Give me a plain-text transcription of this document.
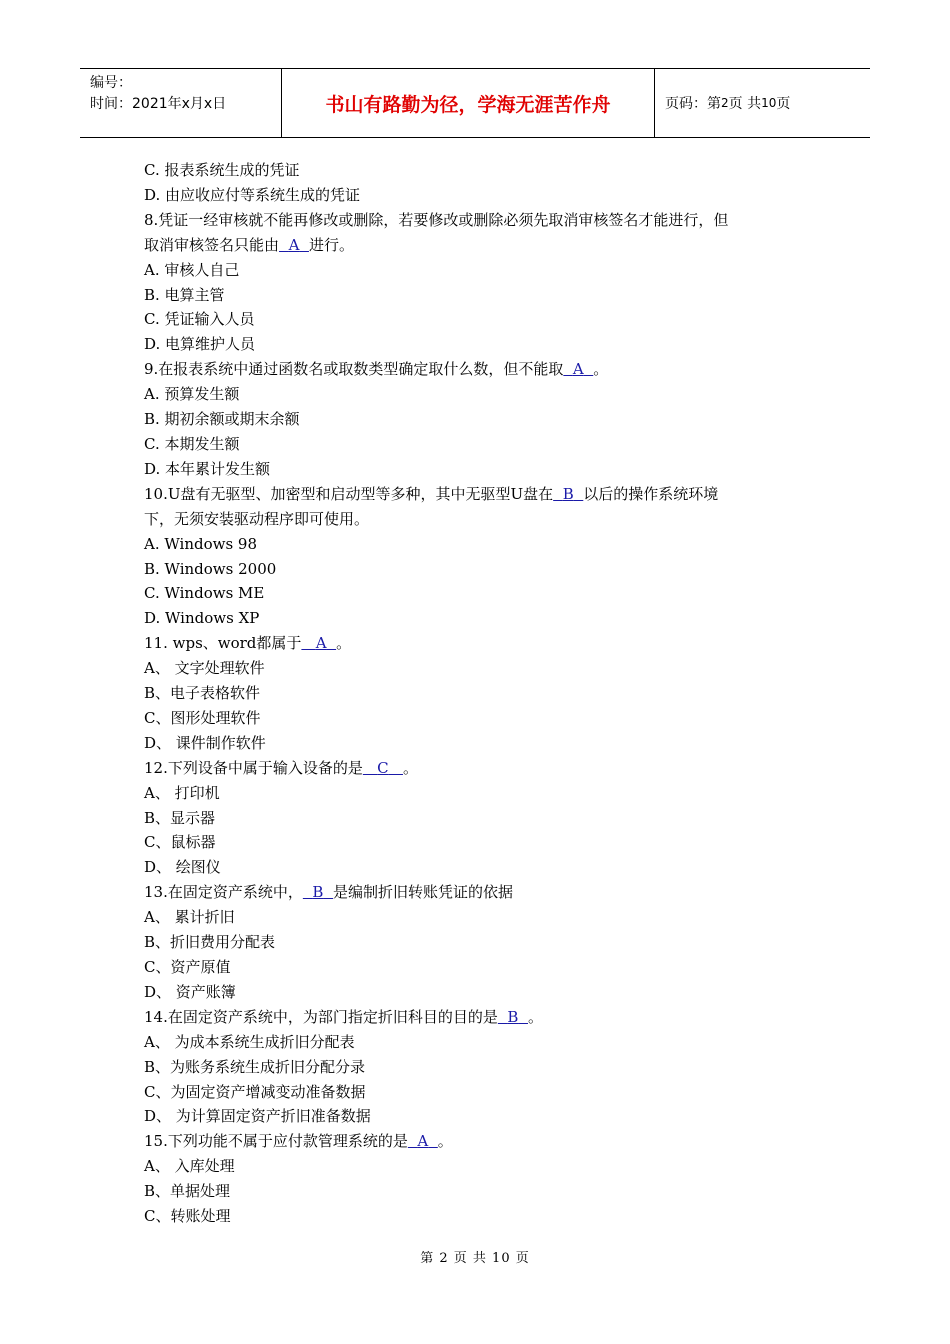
编号：
时间：2021年x月x日	书山有路勤为径，学海无涯苦作舟	页码：第 2 页 共 10 页
C. 报表系统生成的凭证
D. 由应收应付等系统生成的凭证
8.凭证一经审核就不能再修改或删除，若要修改或删除必须先取消审核签名才能进行，但
取消审核签名只能由 A 进行。
A. 审核人自己
B. 电算主管
C. 凭证输入人员
D. 电算维护人员
9.在报表系统中通过函数名或取数类型确定取什么数，但不能取 A 。
A. 预算发生额
B. 期初余额或期末余额
C. 本期发生额
D. 本年累计发生额
10.U盘有无驱型、加密型和启动型等多种，其中无驱型U盘在 B 以后的操作系统环境
下，无须安装驱动程序即可使用。
A. Windows 98
B. Windows 2000
C. Windows ME
D. Windows XP
11. wps、word都属于 A 。
A、 文字处理软件
B、电子表格软件
C、图形处理软件
D、 课件制作软件
12.下列设备中属于输入设备的是 C 。
A、 打印机
B、显示器
C、鼠标器
D、 绘图仪
13.在固定资产系统中， B 是编制折旧转账凭证的依据
A、 累计折旧
B、折旧费用分配表
C、资产原值
D、 资产账簿
14.在固定资产系统中，为部门指定折旧科目的目的是 B 。
A、 为成本系统生成折旧分配表
B、为账务系统生成折旧分配分录
C、为固定资产增减变动准备数据
D、 为计算固定资产折旧准备数据
15.下列功能不属于应付款管理系统的是 A 。
A、 入库处理
B、单据处理
C、转账处理
第 2 页 共 10 页
